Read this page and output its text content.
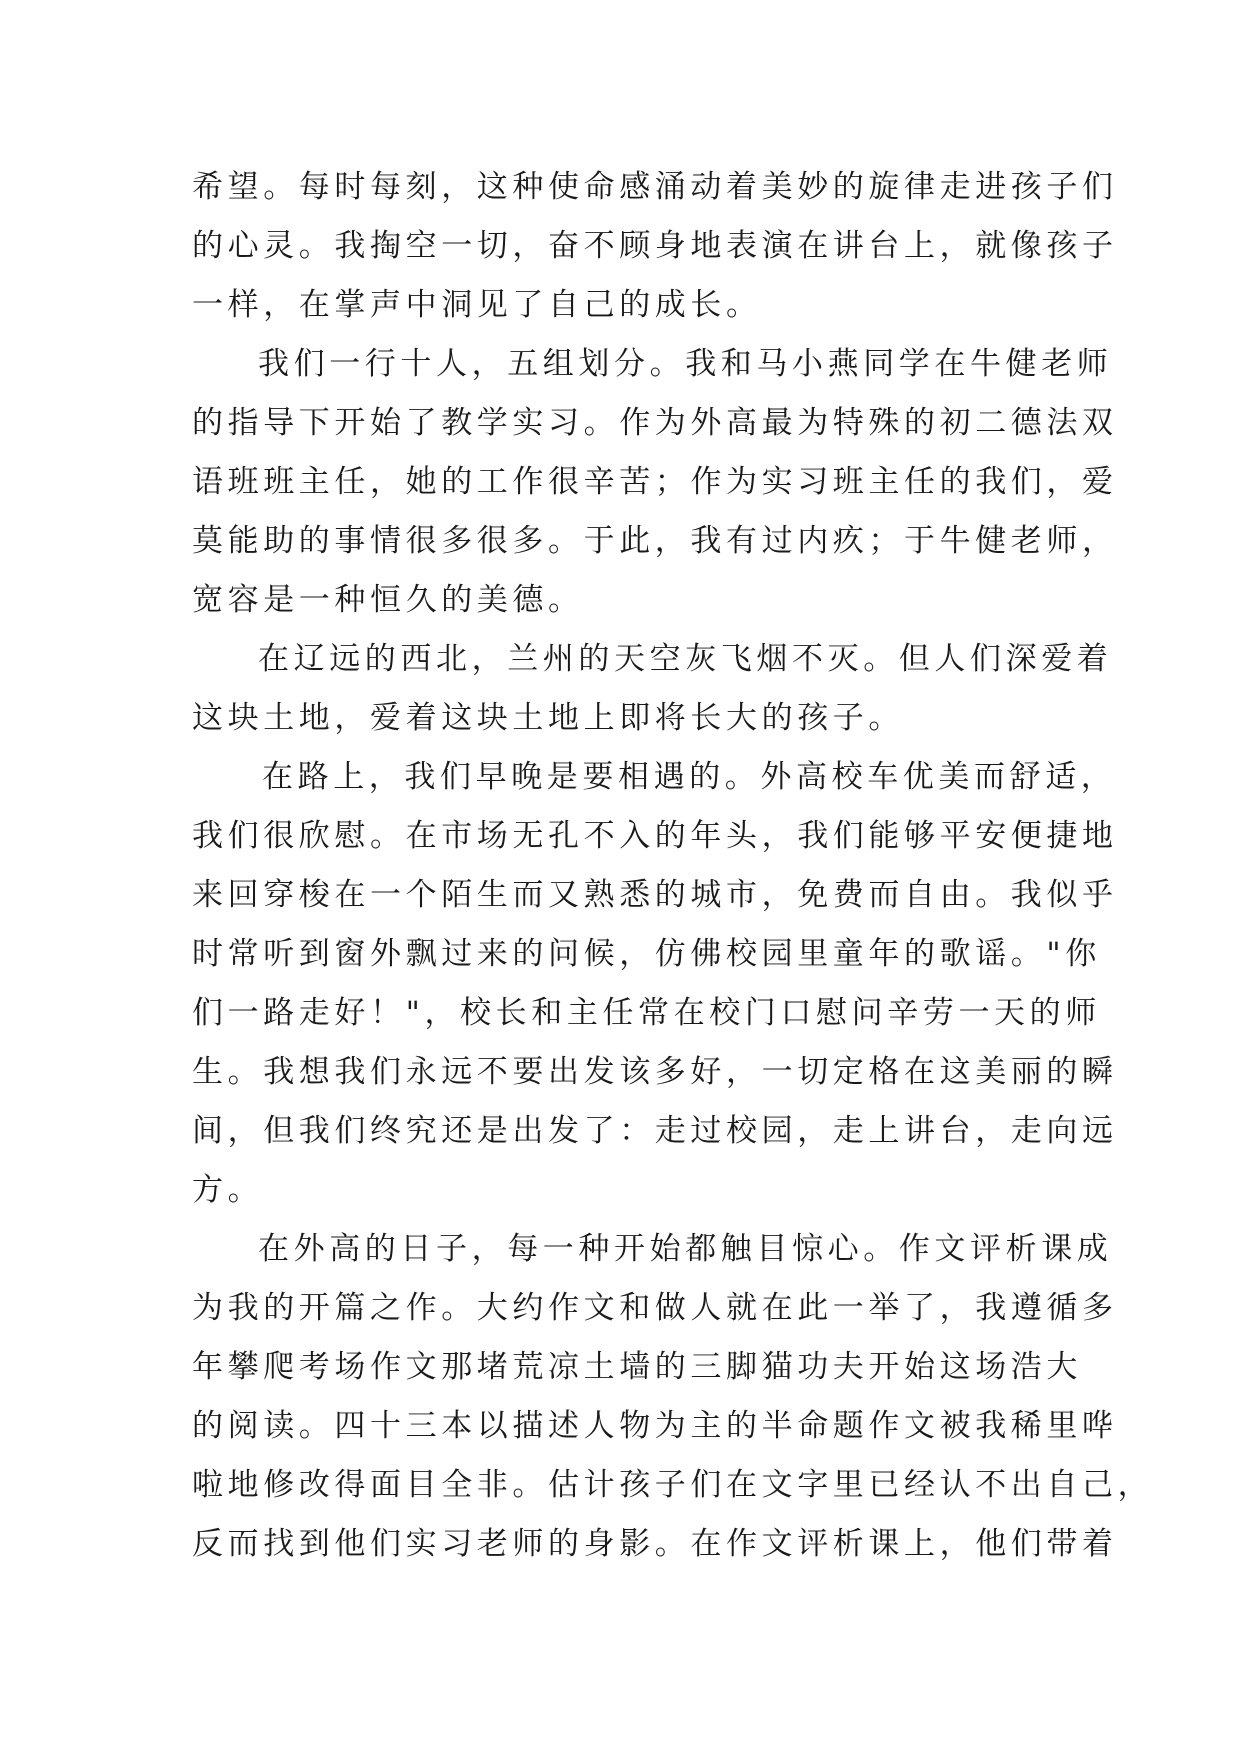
希望。每时每刻，这种使命感涌动着美妙的旋律走进孩子们
的心灵。我掏空一切，奋不顾身地表演在讲台上，就像孩子
一样，在掌声中洞见了自己的成长。
我们一行十人，五组划分。我和马小燕同学在牛健老师
的指导下开始了教学实习。作为外高最为特殊的初二德法双
语班班主任，她的工作很辛苦；作为实习班主任的我们，爱
莫能助的事情很多很多。于此，我有过内疚；于牛健老师，
宽容是一种恒久的美德。
在辽远的西北，兰州的天空灰飞烟不灭。但人们深爱着
这块土地，爱着这块土地上即将长大的孩子。
在路上，我们早晚是要相遇的。外高校车优美而舒适，
我们很欣慰。在市场无孔不入的年头，我们能够平安便捷地
来回穿梭在一个陌生而又熟悉的城市，免费而自由。我似乎
时常听到窗外飘过来的问候，仿佛校园里童年的歌谣。"你
们一路走好！"，校长和主任常在校门口慰问辛劳一天的师
生。我想我们永远不要出发该多好，一切定格在这美丽的瞬
间，但我们终究还是出发了：走过校园，走上讲台，走向远
方。
在外高的日子，每一种开始都触目惊心。作文评析课成
为我的开篇之作。大约作文和做人就在此一举了，我遵循多
年攀爬考场作文那堵荒凉土墙的三脚猫功夫开始这场浩大
的阅读。四十三本以描述人物为主的半命题作文被我稀里哗
啦地修改得面目全非。估计孩子们在文字里已经认不出自己，
反而找到他们实习老师的身影。在作文评析课上，他们带着
